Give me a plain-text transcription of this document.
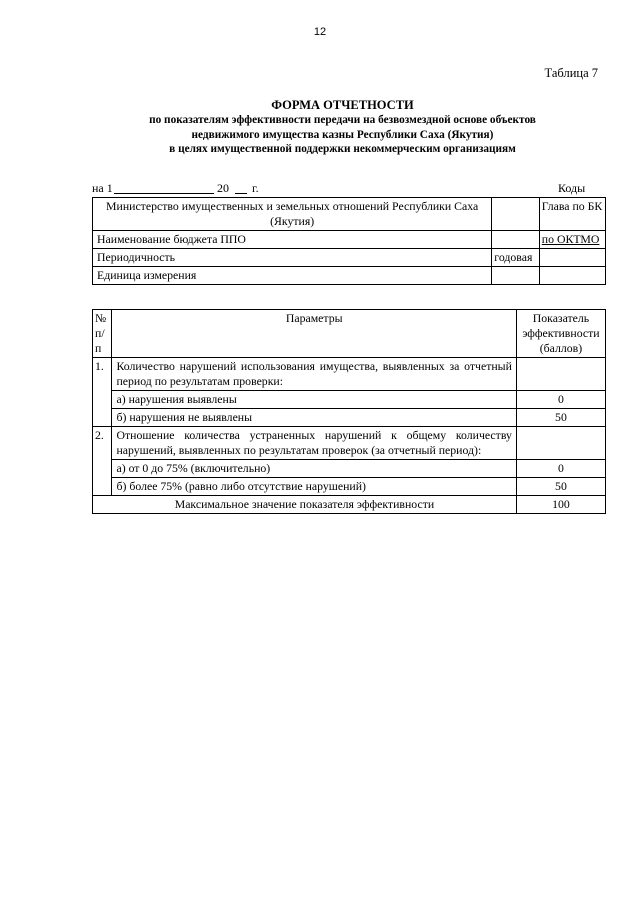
12
Таблица 7
ФОРМА ОТЧЕТНОСТИ
по показателям эффективности передачи на безвозмездной основе объектов
недвижимого имущества казны Республики Саха (Якутия)
в целях имущественной поддержки некоммерческим организациям
на 1	20 г.	Коды
Министерство имущественных и земельных отношений Республики Саха (Якутия)		Глава по БК
Наименование бюджета ППО		по ОКТМО
Периодичность	годовая	
Единица измерения		
№ п/п	Параметры	Показатель эффективности (баллов)
1.	Количество нарушений использования имущества, выявленных за отчетный период по результатам проверки:	
	а) нарушения выявлены	0
	б) нарушения не выявлены	50
2.	Отношение количества устраненных нарушений к общему количеству нарушений, выявленных по результатам проверок (за отчетный период):	
	а) от 0 до 75% (включительно)	0
	б) более 75% (равно либо отсутствие нарушений)	50
Максимальное значение показателя эффективности		100
